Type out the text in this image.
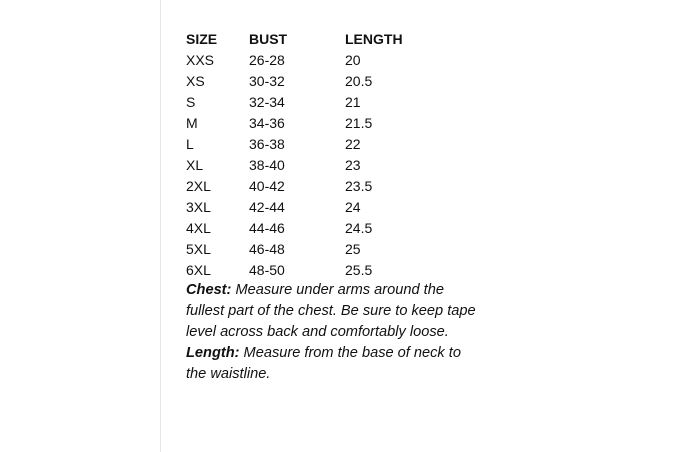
SIZE	BUST	LENGTH
XXS	26-28	20
XS	30-32	20.5
S	32-34	21
M	34-36	21.5
L	36-38	22
XL	38-40	23
2XL	40-42	23.5
3XL	42-44	24
4XL	44-46	24.5
5XL	46-48	25
6XL	48-50	25.5

Chest: Measure under arms around the fullest part of the chest. Be sure to keep tape level across back and comfortably loose.

Length: Measure from the base of neck to the waistline.
